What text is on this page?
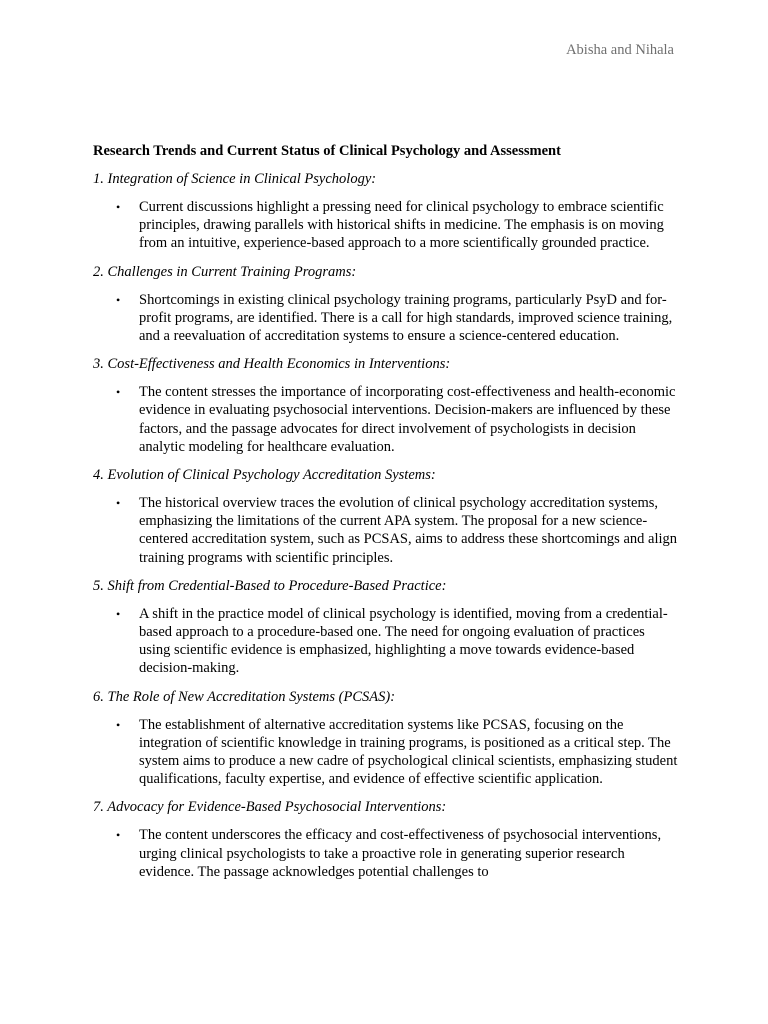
Abisha and Nihala
Research Trends and Current Status of Clinical Psychology and Assessment
1. Integration of Science in Clinical Psychology:
• Current discussions highlight a pressing need for clinical psychology to embrace scientific principles, drawing parallels with historical shifts in medicine. The emphasis is on moving from an intuitive, experience-based approach to a more scientifically grounded practice.
2. Challenges in Current Training Programs:
• Shortcomings in existing clinical psychology training programs, particularly PsyD and for-profit programs, are identified. There is a call for high standards, improved science training, and a reevaluation of accreditation systems to ensure a science-centered education.
3. Cost-Effectiveness and Health Economics in Interventions:
• The content stresses the importance of incorporating cost-effectiveness and health-economic evidence in evaluating psychosocial interventions. Decision-makers are influenced by these factors, and the passage advocates for direct involvement of psychologists in decision analytic modeling for healthcare evaluation.
4. Evolution of Clinical Psychology Accreditation Systems:
• The historical overview traces the evolution of clinical psychology accreditation systems, emphasizing the limitations of the current APA system. The proposal for a new science-centered accreditation system, such as PCSAS, aims to address these shortcomings and align training programs with scientific principles.
5. Shift from Credential-Based to Procedure-Based Practice:
• A shift in the practice model of clinical psychology is identified, moving from a credential-based approach to a procedure-based one. The need for ongoing evaluation of practices using scientific evidence is emphasized, highlighting a move towards evidence-based decision-making.
6. The Role of New Accreditation Systems (PCSAS):
• The establishment of alternative accreditation systems like PCSAS, focusing on the integration of scientific knowledge in training programs, is positioned as a critical step. The system aims to produce a new cadre of psychological clinical scientists, emphasizing student qualifications, faculty expertise, and evidence of effective scientific application.
7. Advocacy for Evidence-Based Psychosocial Interventions:
• The content underscores the efficacy and cost-effectiveness of psychosocial interventions, urging clinical psychologists to take a proactive role in generating superior research evidence. The passage acknowledges potential challenges to
